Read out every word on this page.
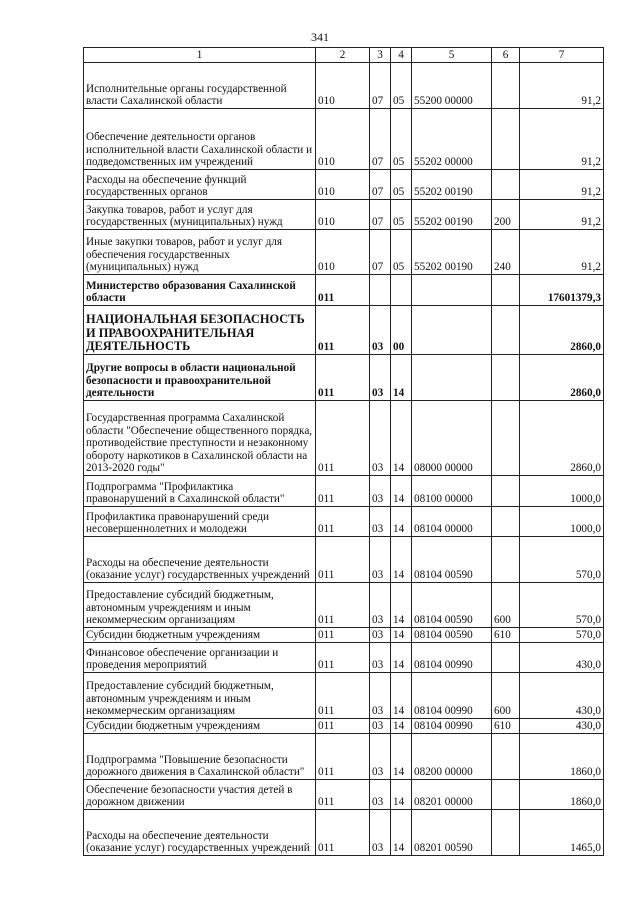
341
1	2	3	4	5	6	7
Исполнительные органы государственной власти Сахалинской области	010	07	05	55200 00000		91,2
Обеспечение деятельности органов исполнительной власти Сахалинской области и подведомственных им учреждений	010	07	05	55202 00000		91,2
Расходы на обеспечение функций государственных органов	010	07	05	55202 00190		91,2
Закупка товаров, работ и услуг для государственных (муниципальных) нужд	010	07	05	55202 00190	200	91,2
Иные закупки товаров, работ и услуг для обеспечения государственных (муниципальных) нужд	010	07	05	55202 00190	240	91,2
Министерство образования Сахалинской области	011					17601379,3
НАЦИОНАЛЬНАЯ БЕЗОПАСНОСТЬ И ПРАВООХРАНИТЕЛЬНАЯ ДЕЯТЕЛЬНОСТЬ	011	03	00			2860,0
Другие вопросы в области национальной безопасности и правоохранительной деятельности	011	03	14			2860,0
Государственная программа Сахалинской области "Обеспечение общественного порядка, противодействие преступности и незаконному обороту наркотиков в Сахалинской области на 2013-2020 годы"	011	03	14	08000 00000		2860,0
Подпрограмма "Профилактика правонарушений в Сахалинской области"	011	03	14	08100 00000		1000,0
Профилактика правонарушений среди несовершеннолетних и молодежи	011	03	14	08104 00000		1000,0
Расходы на обеспечение деятельности (оказание услуг) государственных учреждений	011	03	14	08104 00590		570,0
Предоставление субсидий бюджетным, автономным учреждениям и иным некоммерческим организациям	011	03	14	08104 00590	600	570,0
Субсидии бюджетным учреждениям	011	03	14	08104 00590	610	570,0
Финансовое обеспечение организации и проведения мероприятий	011	03	14	08104 00990		430,0
Предоставление субсидий бюджетным, автономным учреждениям и иным некоммерческим организациям	011	03	14	08104 00990	600	430,0
Субсидии бюджетным учреждениям	011	03	14	08104 00990	610	430,0
Подпрограмма "Повышение безопасности дорожного движения в Сахалинской области"	011	03	14	08200 00000		1860,0
Обеспечение безопасности участия детей в дорожном движении	011	03	14	08201 00000		1860,0
Расходы на обеспечение деятельности (оказание услуг) государственных учреждений	011	03	14	08201 00590		1465,0
